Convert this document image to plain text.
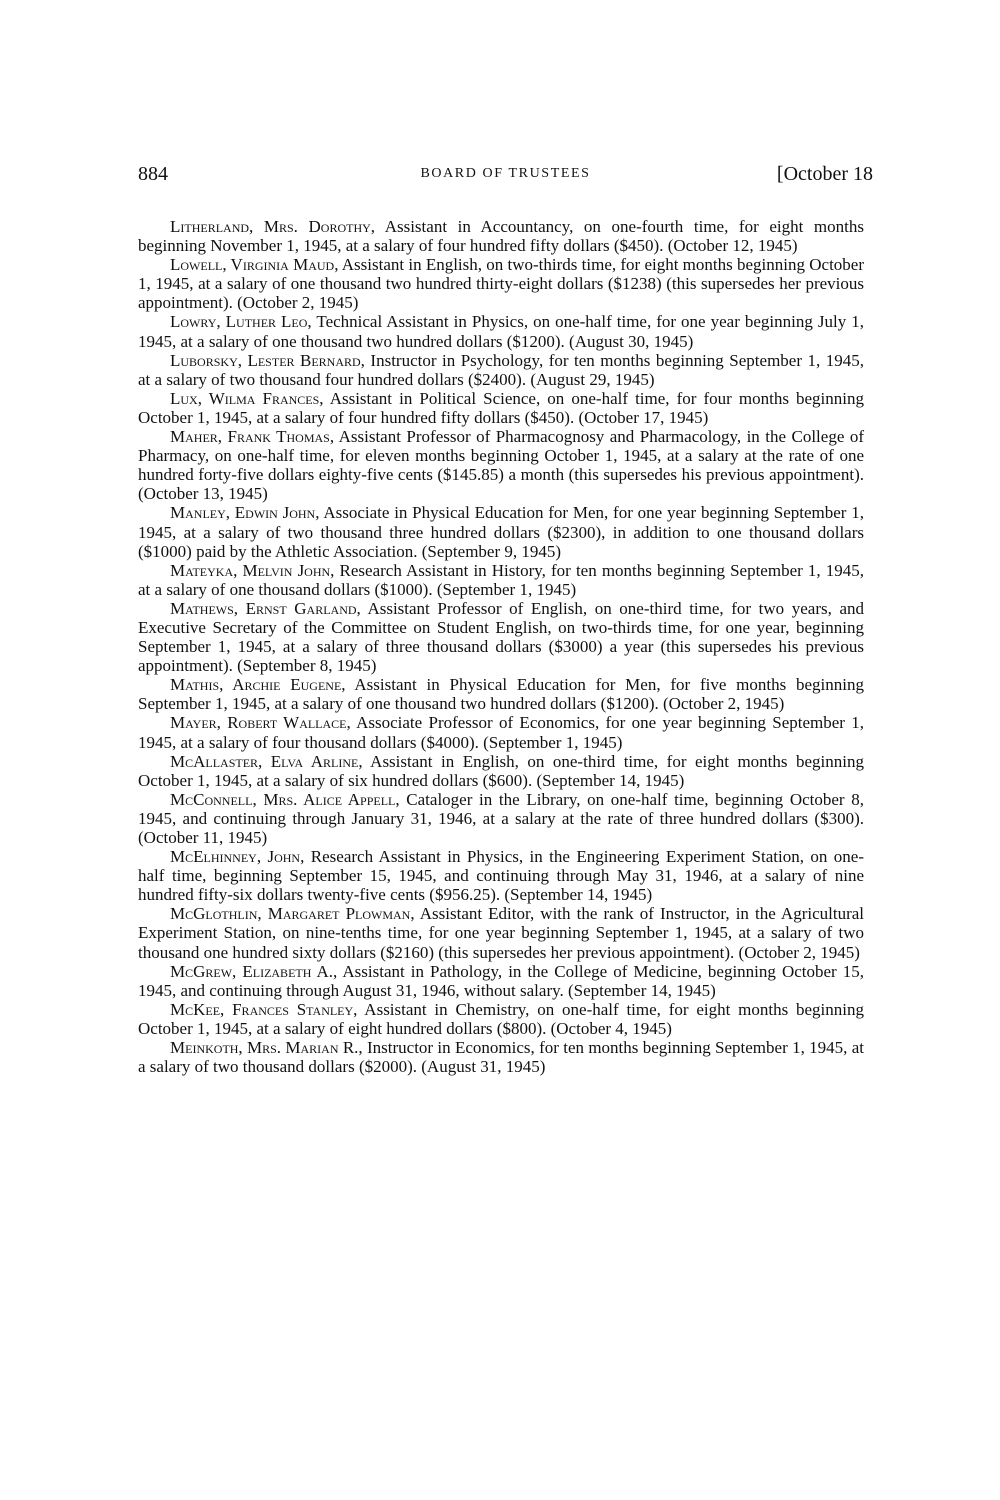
884	BOARD OF TRUSTEES	[October 18

Litherland, Mrs. Dorothy, Assistant in Accountancy, on one-fourth time, for eight months beginning November 1, 1945, at a salary of four hundred fifty dollars ($450). (October 12, 1945)

Lowell, Virginia Maud, Assistant in English, on two-thirds time, for eight months beginning October 1, 1945, at a salary of one thousand two hundred thirty-eight dollars ($1238) (this supersedes her previous appointment). (October 2, 1945)

Lowry, Luther Leo, Technical Assistant in Physics, on one-half time, for one year beginning July 1, 1945, at a salary of one thousand two hundred dollars ($1200). (August 30, 1945)

Luborsky, Lester Bernard, Instructor in Psychology, for ten months beginning September 1, 1945, at a salary of two thousand four hundred dollars ($2400). (August 29, 1945)

Lux, Wilma Frances, Assistant in Political Science, on one-half time, for four months beginning October 1, 1945, at a salary of four hundred fifty dollars ($450). (October 17, 1945)

Maher, Frank Thomas, Assistant Professor of Pharmacognosy and Pharmacology, in the College of Pharmacy, on one-half time, for eleven months beginning October 1, 1945, at a salary at the rate of one hundred forty-five dollars eighty-five cents ($145.85) a month (this supersedes his previous appointment). (October 13, 1945)

Manley, Edwin John, Associate in Physical Education for Men, for one year beginning September 1, 1945, at a salary of two thousand three hundred dollars ($2300), in addition to one thousand dollars ($1000) paid by the Athletic Association. (September 9, 1945)

Mateyka, Melvin John, Research Assistant in History, for ten months beginning September 1, 1945, at a salary of one thousand dollars ($1000). (September 1, 1945)

Mathews, Ernst Garland, Assistant Professor of English, on one-third time, for two years, and Executive Secretary of the Committee on Student English, on two-thirds time, for one year, beginning September 1, 1945, at a salary of three thousand dollars ($3000) a year (this supersedes his previous appointment). (September 8, 1945)

Mathis, Archie Eugene, Assistant in Physical Education for Men, for five months beginning September 1, 1945, at a salary of one thousand two hundred dollars ($1200). (October 2, 1945)

Mayer, Robert Wallace, Associate Professor of Economics, for one year beginning September 1, 1945, at a salary of four thousand dollars ($4000). (September 1, 1945)

McAllaster, Elva Arline, Assistant in English, on one-third time, for eight months beginning October 1, 1945, at a salary of six hundred dollars ($600). (September 14, 1945)

McConnell, Mrs. Alice Appell, Cataloger in the Library, on one-half time, beginning October 8, 1945, and continuing through January 31, 1946, at a salary at the rate of three hundred dollars ($300). (October 11, 1945)

McElhinney, John, Research Assistant in Physics, in the Engineering Experiment Station, on one-half time, beginning September 15, 1945, and continuing through May 31, 1946, at a salary of nine hundred fifty-six dollars twenty-five cents ($956.25). (September 14, 1945)

McGlothlin, Margaret Plowman, Assistant Editor, with the rank of Instructor, in the Agricultural Experiment Station, on nine-tenths time, for one year beginning September 1, 1945, at a salary of two thousand one hundred sixty dollars ($2160) (this supersedes her previous appointment). (October 2, 1945)

McGrew, Elizabeth A., Assistant in Pathology, in the College of Medicine, beginning October 15, 1945, and continuing through August 31, 1946, without salary. (September 14, 1945)

McKee, Frances Stanley, Assistant in Chemistry, on one-half time, for eight months beginning October 1, 1945, at a salary of eight hundred dollars ($800). (October 4, 1945)

Meinkoth, Mrs. Marian R., Instructor in Economics, for ten months beginning September 1, 1945, at a salary of two thousand dollars ($2000). (August 31, 1945)
